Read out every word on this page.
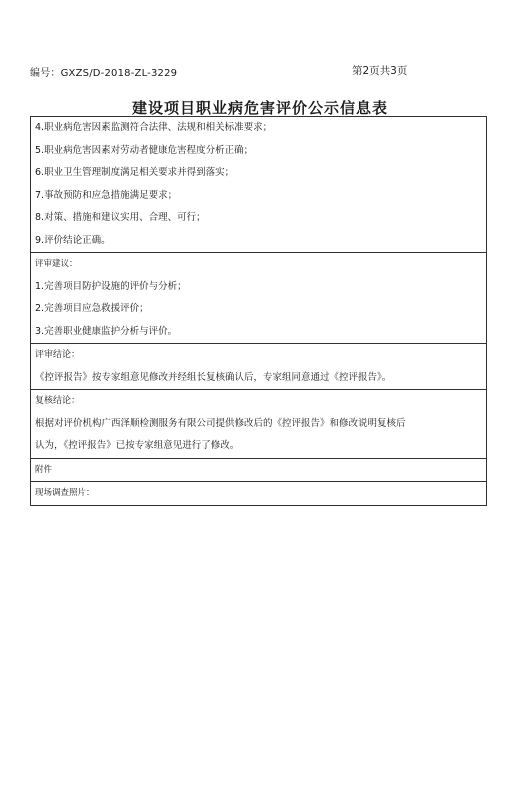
编号：GXZS/D-2018-ZL-3229	第2页共3页
建设项目职业病危害评价公示信息表
4.职业病危害因素监测符合法律、法规和相关标准要求；
5.职业病危害因素对劳动者健康危害程度分析正确；
6.职业卫生管理制度满足相关要求并得到落实；
7.事故预防和应急措施满足要求；
8.对策、措施和建议实用、合理、可行；
9.评价结论正确。
评审建议：
1.完善项目防护设施的评价与分析；
2.完善项目应急救援评价；
3.完善职业健康监护分析与评价。
评审结论：
《控评报告》按专家组意见修改并经组长复核确认后，专家组同意通过《控评报告》。
复核结论：
根据对评价机构广西泽顺检测服务有限公司提供修改后的《控评报告》和修改说明复核后
认为，《控评报告》已按专家组意见进行了修改。
附件
现场调查照片：
